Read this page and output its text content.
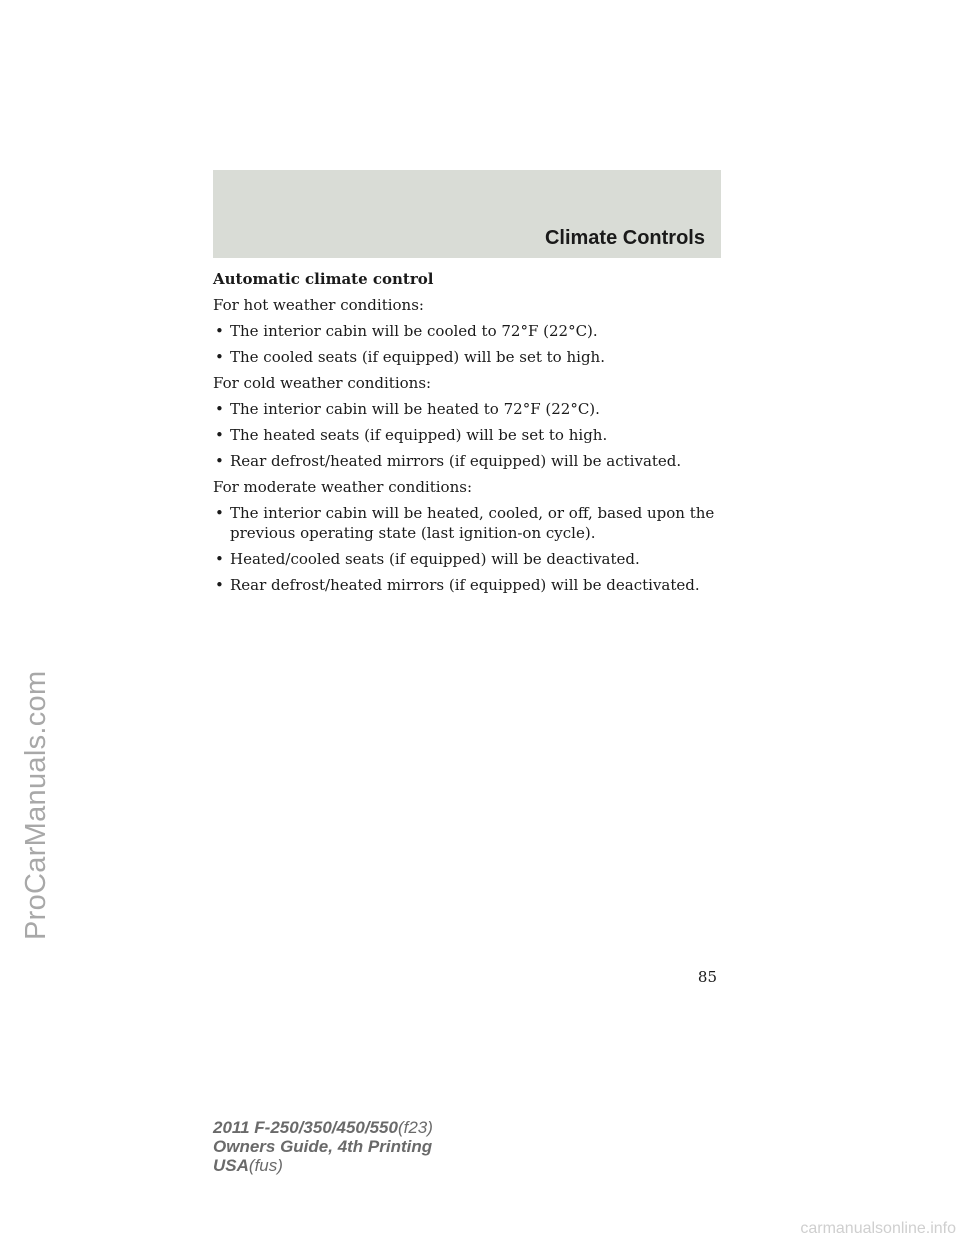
Climate Controls
Automatic climate control
For hot weather conditions:
• The interior cabin will be cooled to 72°F (22°C).
• The cooled seats (if equipped) will be set to high.
For cold weather conditions:
• The interior cabin will be heated to 72°F (22°C).
• The heated seats (if equipped) will be set to high.
• Rear defrost/heated mirrors (if equipped) will be activated.
For moderate weather conditions:
• The interior cabin will be heated, cooled, or off, based upon the
previous operating state (last ignition-on cycle).
• Heated/cooled seats (if equipped) will be deactivated.
• Rear defrost/heated mirrors (if equipped) will be deactivated.
85
2011 F-250/350/450/550(f23)
Owners Guide, 4th Printing
USA(fus)
ProCarManuals.com
carmanualsonline.info
